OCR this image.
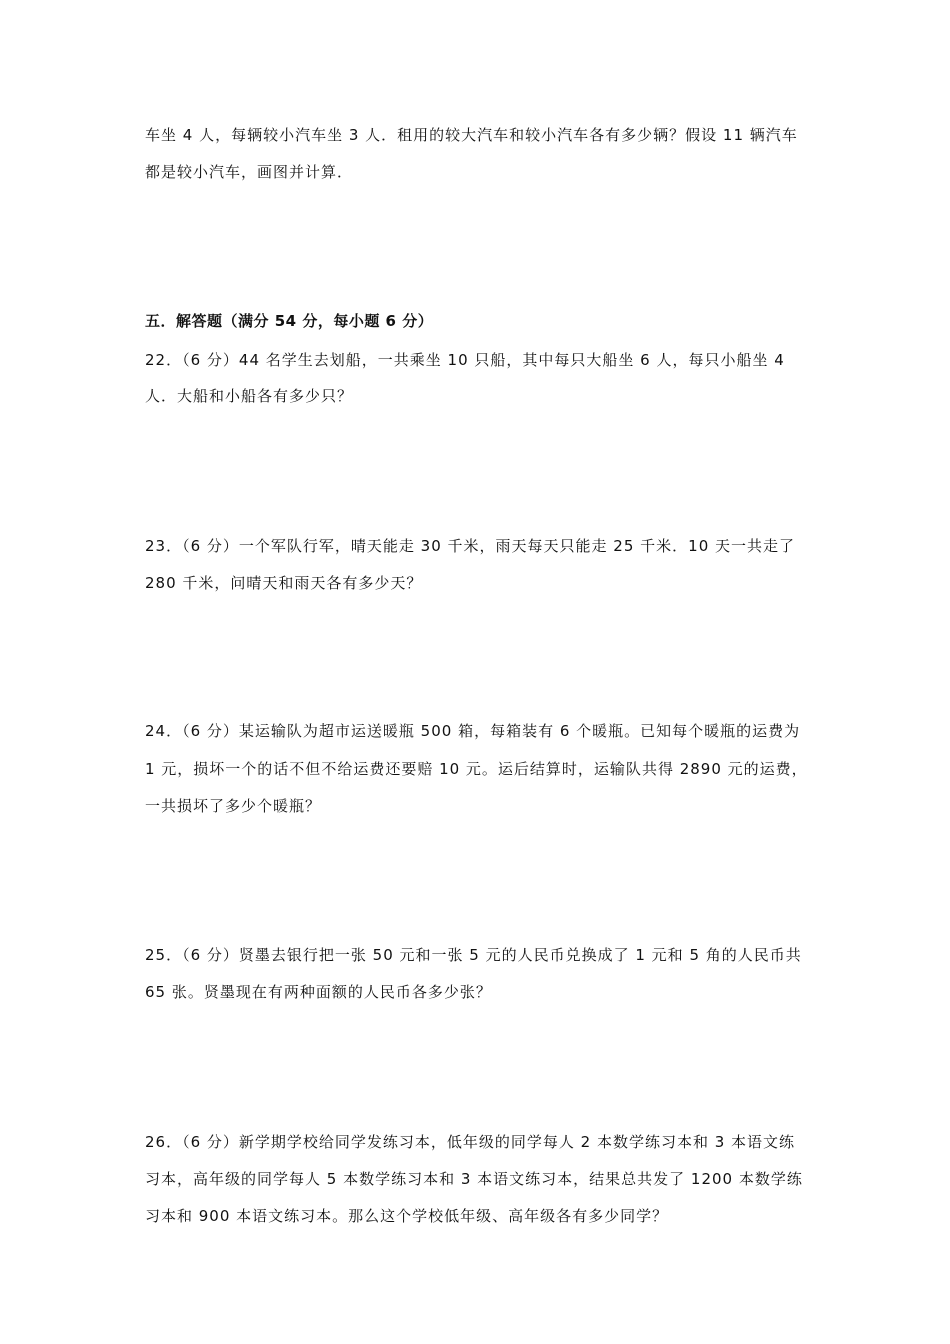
车坐 4 人，每辆较小汽车坐 3 人．租用的较大汽车和较小汽车各有多少辆？假设 11 辆汽车
都是较小汽车，画图并计算．
五．解答题（满分 54 分，每小题 6 分）
22．（6 分）44 名学生去划船，一共乘坐 10 只船，其中每只大船坐 6 人，每只小船坐 4
人．大船和小船各有多少只？
23．（6 分）一个军队行军，晴天能走 30 千米，雨天每天只能走 25 千米．10 天一共走了
280 千米，问晴天和雨天各有多少天？
24．（6 分）某运输队为超市运送暖瓶 500 箱，每箱装有 6 个暖瓶。已知每个暖瓶的运费为
1 元，损坏一个的话不但不给运费还要赔 10 元。运后结算时，运输队共得 2890 元的运费，
一共损坏了多少个暖瓶？
25．（6 分）贤墨去银行把一张 50 元和一张 5 元的人民币兑换成了 1 元和 5 角的人民币共
65 张。贤墨现在有两种面额的人民币各多少张？
26．（6 分）新学期学校给同学发练习本，低年级的同学每人 2 本数学练习本和 3 本语文练
习本，高年级的同学每人 5 本数学练习本和 3 本语文练习本，结果总共发了 1200 本数学练
习本和 900 本语文练习本。那么这个学校低年级、高年级各有多少同学？
